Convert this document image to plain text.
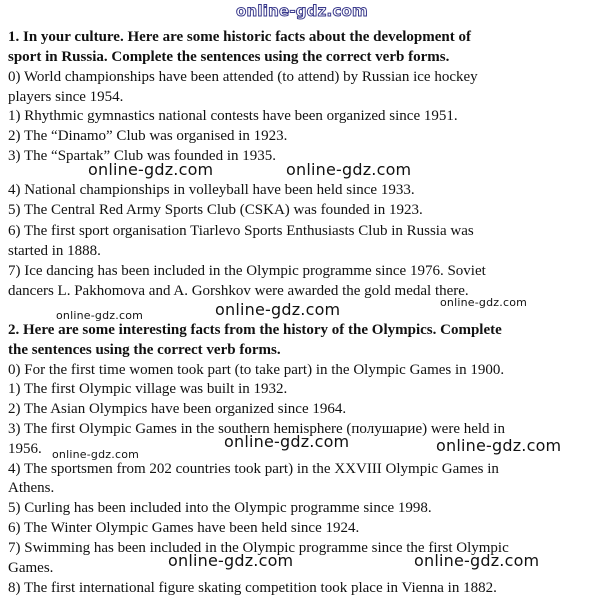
online-gdz.com
1. In your culture. Here are some historic facts about the development of
sport in Russia. Complete the sentences using the correct verb forms.
0) World championships have been attended (to attend) by Russian ice hockey
players since 1954.
1) Rhythmic gymnastics national contests have been organized since 1951.
2) The “Dinamo” Club was organised in 1923.
3) The “Spartak” Club was founded in 1935.
4) National championships in volleyball have been held since 1933.
5) The Central Red Army Sports Club (CSKA) was founded in 1923.
6) The first sport organisation Tiarlevo Sports Enthusiasts Club in Russia was
started in 1888.
7) Ice dancing has been included in the Olympic programme since 1976. Soviet
dancers L. Pakhomova and A. Gorshkov were awarded the gold medal there.
2. Here are some interesting facts from the history of the Olympics. Complete
the sentences using the correct verb forms.
0) For the first time women took part (to take part) in the Olympic Games in 1900.
1) The first Olympic village was built in 1932.
2) The Asian Olympics have been organized since 1964.
3) The first Olympic Games in the southern hemisphere (полушарие) were held in
1956.
4) The sportsmen from 202 countries took part) in the XXVIII Olympic Games in
Athens.
5) Curling has been included into the Olympic programme since 1998.
6) The Winter Olympic Games have been held since 1924.
7) Swimming has been included in the Olympic programme since the first Olympic
Games.
8) The first international figure skating competition took place in Vienna in 1882.
online-gdz.com	online-gdz.com
online-gdz.com
online-gdz.com	online-gdz.com
online-gdz.com	online-gdz.com
online-gdz.com
online-gdz.com	online-gdz.com
